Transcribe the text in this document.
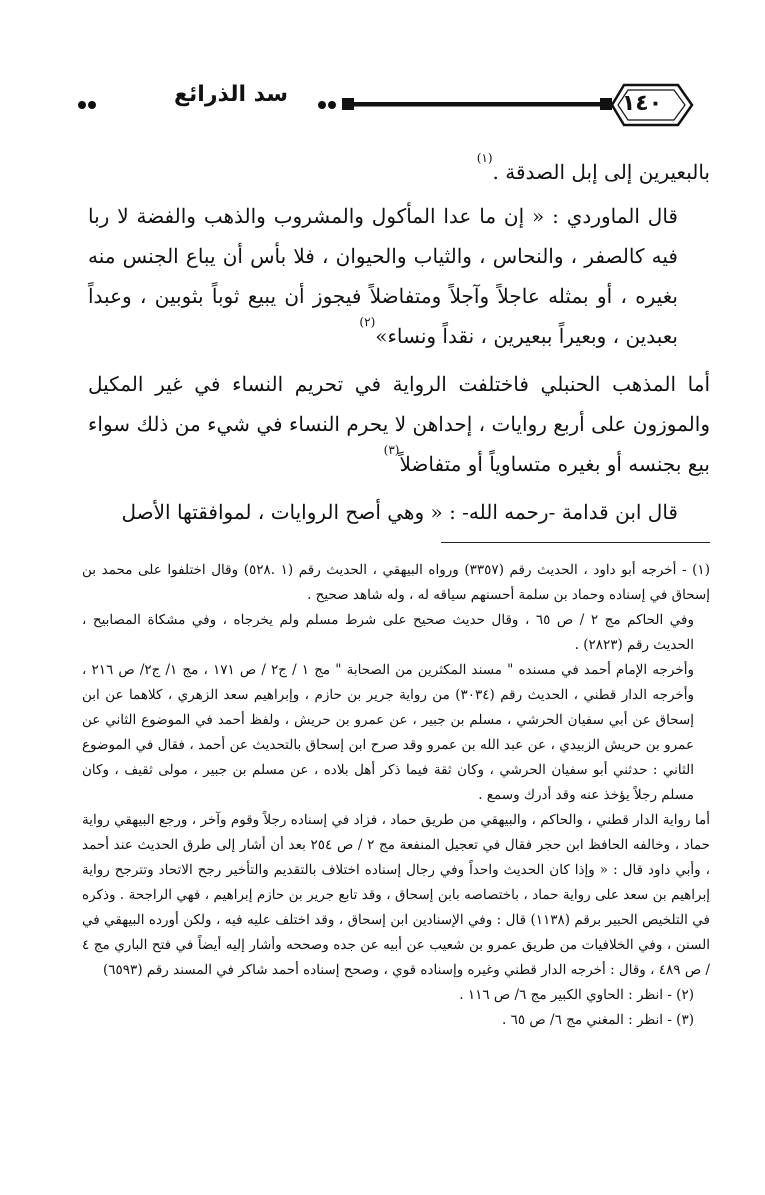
١٤٠
سد الذرائع

بالبعيرين إلى إبل الصدقة .$^{(١)}$

قال الماوردي : « إن ما عدا المأكول والمشروب والذهب والفضة لا ربا فيه كالصفر ، والنحاس ، والثياب والحيوان ، فلا بأس أن يباع الجنس منه بغيره ، أو بمثله عاجلاً وآجلاً ومتفاضلاً فيجوز أن يبيع ثوباً بثوبين ، وعبداً بعبدين ، وبعيراً ببعيرين ، نقداً ونساء»$^{(٢)}$

أما المذهب الحنبلي فاختلفت الرواية في تحريم النساء في غير المكيل والموزون على أربع روايات ، إحداهن لا يحرم النساء في شيء من ذلك سواء بيع بجنسه أو بغيره متساوياً أو متفاضلاً$^{(٣)}$

قال ابن قدامة -رحمه الله- : « وهي أصح الروايات ، لموافقتها الأصل

(١) - أخرجه أبو داود ، الحديث رقم (٣٣٥٧) ورواه البيهقي ، الحديث رقم (١ .٥٢٨) وقال اختلفوا على محمد بن إسحاق في إسناده وحماد بن سلمة أحسنهم سياقه له ، وله شاهد صحيح .

وفي الحاكم مج ٢ / ص ٦٥ ، وقال حديث صحيح على شرط مسلم ولم يخرجاه ، وفي مشكاة المصابيح ، الحديث رقم (٢٨٢٣) .

وأخرجه الإمام أحمد في مسنده " مسند المكثرين من الصحابة " مج ١ / ج٢ / ص ١٧١ ، مج ١/ ج٢/ ص ٢١٦ ، وأخرجه الدار قطني ، الحديث رقم (٣٠٣٤) من رواية جرير بن حازم ، وإبراهيم سعد الزهري ، كلاهما عن ابن إسحاق عن أبي سفيان الحرشي ، مسلم بن جبير ، عن عمرو بن حريش ، ولفظ أحمد في الموضوع الثاني عن عمرو بن حريش الزبيدي ، عن عبد الله بن عمرو وقد صرح ابن إسحاق بالتحديث عن أحمد ، فقال في الموضوع الثاني : حدثني أبو سفيان الحرشي ، وكان ثقة فيما ذكر أهل بلاده ، عن مسلم بن جبير ، مولى ثقيف ، وكان مسلم رجلاً يؤخذ عنه وقد أدرك وسمع .

أما رواية الدار قطني ، والحاكم ، والبيهقي من طريق حماد ، فزاد في إسناده رجلاً وقوم وآخر ، ورجع البيهقي رواية حماد ، وخالفه الحافظ ابن حجر فقال في تعجيل المنفعة مج ٢ / ص ٢٥٤ بعد أن أشار إلى طرق الحديث عند أحمد ، وأبي داود قال : « وإذا كان الحديث واحداً وفي رجال إسناده اختلاف بالتقديم والتأخير رجح الاتحاد وتترجح رواية إبراهيم بن سعد على رواية حماد ، باختصاصه بابن إسحاق ، وقد تابع جرير بن حازم إبراهيم ، فهي الراجحة . وذكره في التلخيص الحبير برقم (١١٣٨) قال : وفي الإسنادين ابن إسحاق ، وقد اختلف عليه فيه ، ولكن أورده البيهقي في السنن ، وفي الخلافيات من طريق عمرو بن شعيب عن أبيه عن جده وصححه وأشار إليه أيضاً في فتح الباري مج ٤ / ص ٤٨٩ ، وقال : أخرجه الدار قطني وغيره وإسناده قوي ، وصحح إسناده أحمد شاكر في المسند رقم (٦٥٩٣)

(٢) - انظر : الحاوي الكبير مج ٦/ ص ١١٦ .

(٣) - انظر : المغني مج ٦/ ص ٦٥ .
